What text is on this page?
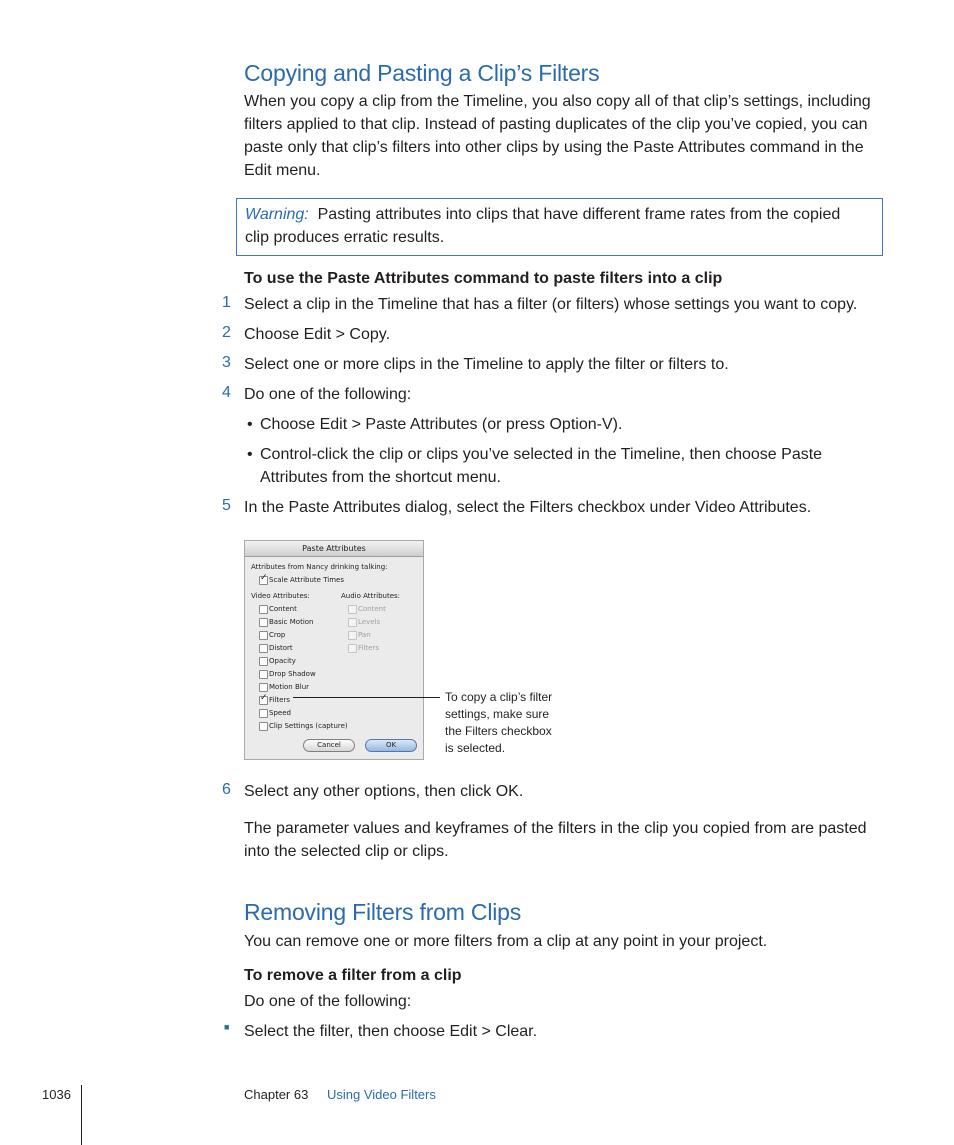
Copying and Pasting a Clip’s Filters
When you copy a clip from the Timeline, you also copy all of that clip’s settings, including
filters applied to that clip. Instead of pasting duplicates of the clip you’ve copied, you can
paste only that clip’s filters into other clips by using the Paste Attributes command in the
Edit menu.
Warning: Pasting attributes into clips that have different frame rates from the copied
clip produces erratic results.
To use the Paste Attributes command to paste filters into a clip
1 Select a clip in the Timeline that has a filter (or filters) whose settings you want to copy.
2 Choose Edit > Copy.
3 Select one or more clips in the Timeline to apply the filter or filters to.
4 Do one of the following:
• Choose Edit > Paste Attributes (or press Option-V).
• Control-click the clip or clips you’ve selected in the Timeline, then choose Paste
Attributes from the shortcut menu.
5 In the Paste Attributes dialog, select the Filters checkbox under Video Attributes.
Paste Attributes
Attributes from Nancy drinking talking:
✓ Scale Attribute Times
Video Attributes:	Audio Attributes:
Content
Basic Motion
Crop
Distort
Opacity
Drop Shadow
Motion Blur
✓ Filters
Speed
Clip Settings (capture)
Content
Levels
Pan
Filters
Cancel	OK
To copy a clip’s filter
settings, make sure
the Filters checkbox
is selected.
6 Select any other options, then click OK.
The parameter values and keyframes of the filters in the clip you copied from are pasted
into the selected clip or clips.
Removing Filters from Clips
You can remove one or more filters from a clip at any point in your project.
To remove a filter from a clip
Do one of the following:
■ Select the filter, then choose Edit > Clear.
1036	Chapter 63 Using Video Filters
